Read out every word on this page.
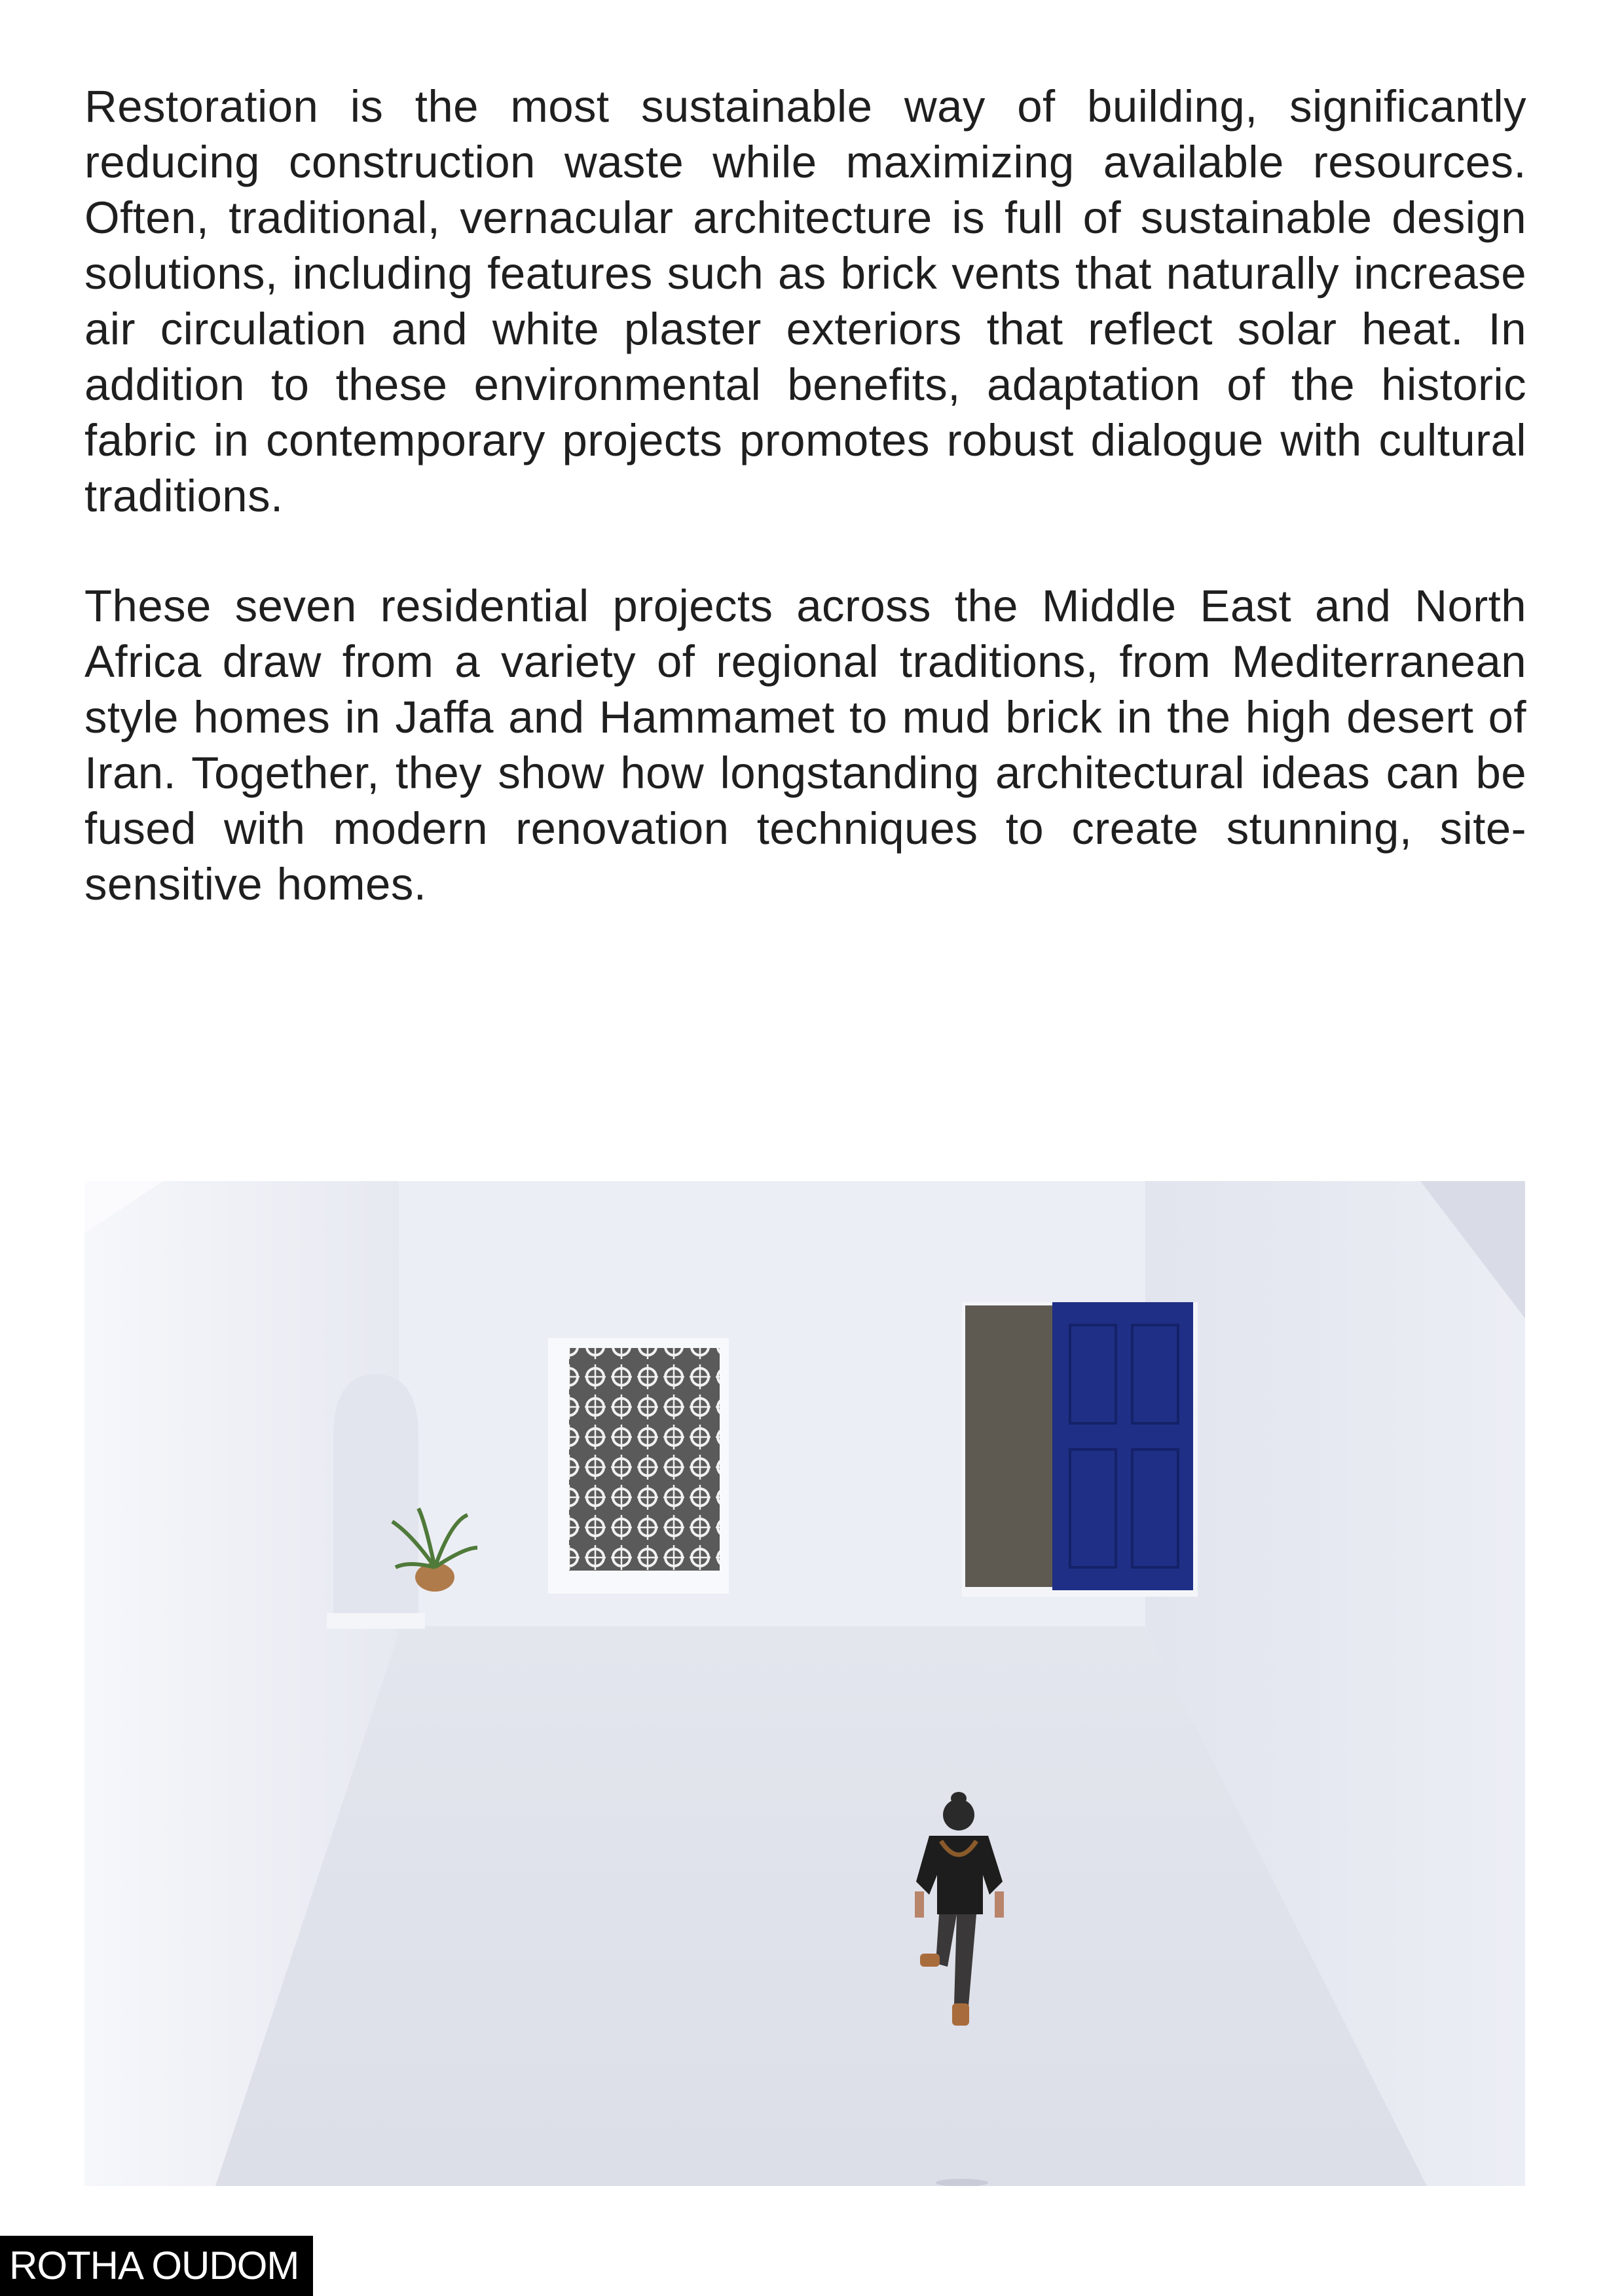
Restoration is the most sustainable way of building, significantly reducing construction waste while maximizing available resources. Often, traditional, vernacular architecture is full of sustainable design solutions, including features such as brick vents that naturally increase air circulation and white plaster exteriors that reflect solar heat. In addition to these environmental benefits, adaptation of the historic fabric in contemporary projects promotes robust dialogue with cultural traditions.

These seven residential projects across the Middle East and North Africa draw from a variety of regional traditions, from Mediterranean style homes in Jaffa and Hammamet to mud brick in the high desert of Iran. Together, they show how longstanding architectural ideas can be fused with modern renovation techniques to create stunning, site-sensitive homes.

ROTHA OUDOM
